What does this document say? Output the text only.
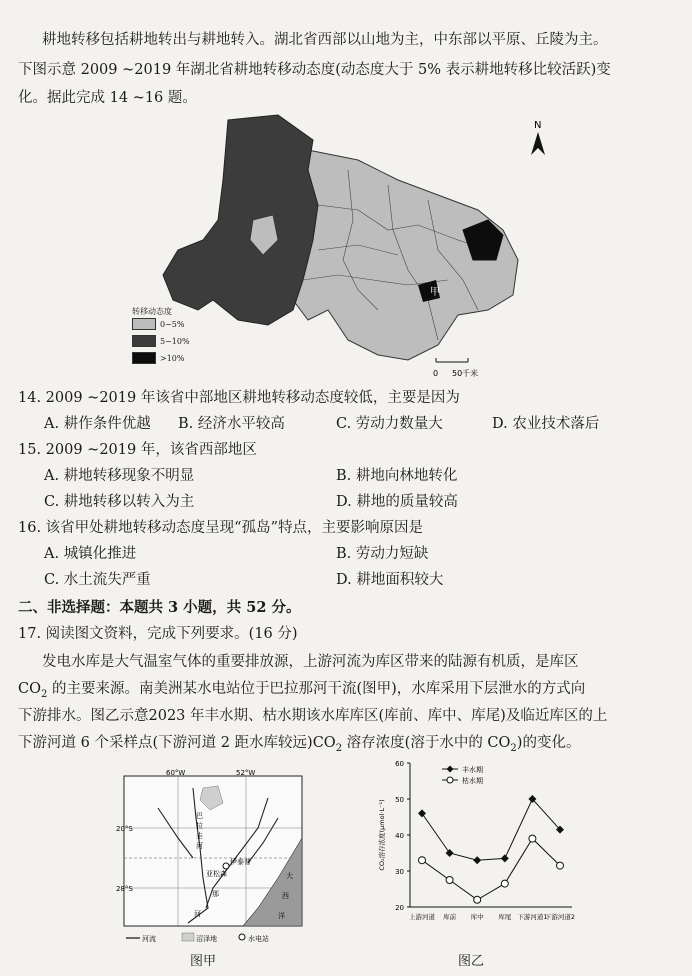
耕地转移包括耕地转出与耕地转入。湖北省西部以山地为主，中东部以平原、丘陵为主。
下图示意 2009 ~2019 年湖北省耕地转移动态度(动态度大于 5% 表示耕地转移比较活跃)变
化。据此完成 14 ~16 题。
N
甲
0 50千米
转移动态度
0~5%
5~10%
>10%
14. 2009 ~2019 年该省中部地区耕地转移动态度较低，主要是因为
A. 耕作条件优越 B. 经济水平较高	C. 劳动力数量大	D. 农业技术落后
15. 2009 ~2019 年，该省西部地区
A. 耕地转移现象不明显	B. 耕地向林地转化
C. 耕地转移以转入为主	D. 耕地的质量较高
16. 该省甲处耕地转移动态度呈现“孤岛”特点，主要影响原因是
A. 城镇化推进	B. 劳动力短缺
C. 水土流失严重	D. 耕地面积较大
二、非选择题：本题共 3 小题，共 52 分。
17. 阅读图文资料，完成下列要求。(16 分)
发电水库是大气温室气体的重要排放源，上游河流为库区带来的陆源有机质，是库区
$CO_2$ 的主要来源。南美洲某水电站位于巴拉那河干流(图甲)，水库采用下层泄水的方式向
下游排水。图乙示意2023 年丰水期、枯水期该水库库区(库前、库中、库尾)及临近库区的上
下游河道 6 个采样点(下游河道 2 距水库较远)$CO_2$ 溶存浓度(溶于水中的 $CO_2$)的变化。
60°W	52°W
20°S
28°S
巴
拉
圭
河
伊泰普
亚松森
那
河
大
西
洋
河流	沼泽地	水电站
图甲
20
30
40
50
60
CO₂溶存浓度(μmol·L⁻¹)
上游河道 库前 库中 库尾 下游河道1
下游河道2
丰水期
枯水期
图乙
